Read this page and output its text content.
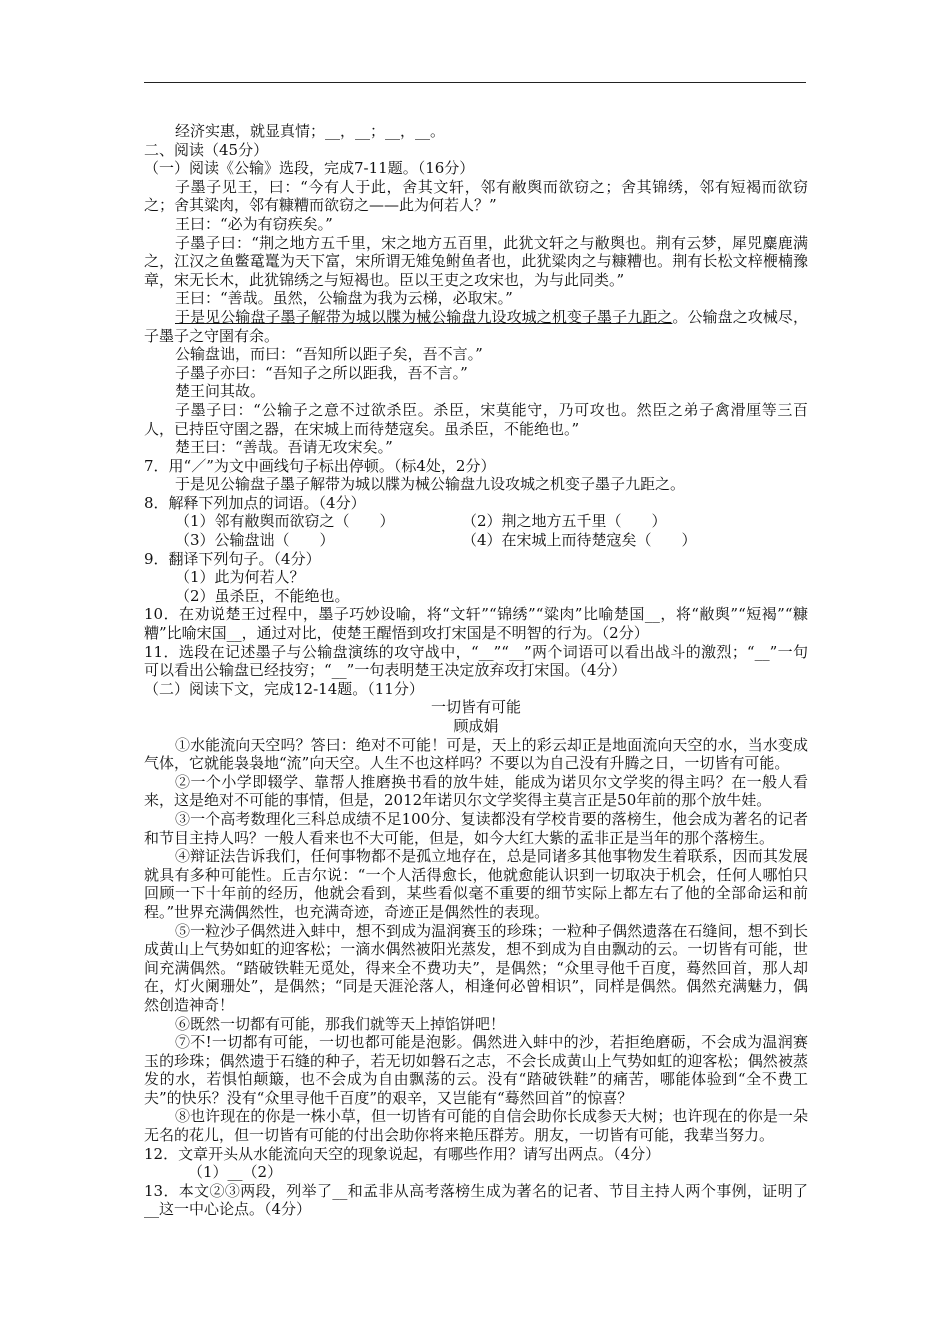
经济实惠，就显真情；__，__；__，__。

二、阅读（45分）

（一）阅读《公输》选段，完成7-11题。（16分）

子墨子见王，曰：“今有人于此，舍其文轩，邻有敝舆而欲窃之；舍其锦绣，邻有短褐而欲窃之；舍其粱肉，邻有糠糟而欲窃之——此为何若人？”

王曰：“必为有窃疾矣。”

子墨子曰：“荆之地方五千里，宋之地方五百里，此犹文轩之与敝舆也。荆有云梦，犀兕麋鹿满之，江汉之鱼鳖鼋鼍为天下富，宋所谓无雉兔鲋鱼者也，此犹粱肉之与糠糟也。荆有长松文梓楩楠豫章，宋无长木，此犹锦绣之与短褐也。臣以王吏之攻宋也，为与此同类。”

王曰：“善哉。虽然，公输盘为我为云梯，必取宋。”

于是见公输盘子墨子解带为城以牒为械公输盘九设攻城之机变子墨子九距之。公输盘之攻械尽，子墨子之守圉有余。

公输盘诎，而曰：“吾知所以距子矣，吾不言。”

子墨子亦曰：“吾知子之所以距我，吾不言。”

楚王问其故。

子墨子曰：“公输子之意不过欲杀臣。杀臣，宋莫能守，乃可攻也。然臣之弟子禽滑厘等三百人，已持臣守圉之器，在宋城上而待楚寇矣。虽杀臣，不能绝也。”

楚王曰：“善哉。吾请无攻宋矣。”

7．用“／”为文中画线句子标出停顿。（标4处，2分）

于是见公输盘子墨子解带为城以牒为械公输盘九设攻城之机变子墨子九距之。

8．解释下列加点的词语。（4分）

（1）邻有敝舆而欲窃之（　　）	（2）荆之地方五千里（　　）
（3）公输盘诎（　　）	（4）在宋城上而待楚寇矣（　　）

9．翻译下列句子。（4分）

（1）此为何若人？

（2）虽杀臣，不能绝也。

10．在劝说楚王过程中，墨子巧妙设喻，将“文轩”“锦绣”“粱肉”比喻楚国__，将“敝舆”“短褐”“糠糟”比喻宋国__，通过对比，使楚王醒悟到攻打宋国是不明智的行为。（2分）

11．选段在记述墨子与公输盘演练的攻守战中，“__”“__”两个词语可以看出战斗的激烈；“__”一句可以看出公输盘已经技穷；“__”一句表明楚王决定放弃攻打宋国。（4分）

（二）阅读下文，完成12-14题。（11分）

一切皆有可能

顾成娟

①水能流向天空吗？答曰：绝对不可能！可是，天上的彩云却正是地面流向天空的水，当水变成气体，它就能袅袅地“流”向天空。人生不也这样吗？不要以为自己没有升腾之日，一切皆有可能。

②一个小学即辍学、靠帮人推磨换书看的放牛娃，能成为诺贝尔文学奖的得主吗？在一般人看来，这是绝对不可能的事情，但是，2012年诺贝尔文学奖得主莫言正是50年前的那个放牛娃。

③一个高考数理化三科总成绩不足100分、复读都没有学校肯要的落榜生，他会成为著名的记者和节目主持人吗？一般人看来也不大可能，但是，如今大红大紫的孟非正是当年的那个落榜生。

④辩证法告诉我们，任何事物都不是孤立地存在，总是同诸多其他事物发生着联系，因而其发展就具有多种可能性。丘吉尔说：“一个人活得愈长，他就愈能认识到一切取决于机会，任何人哪怕只回顾一下十年前的经历，他就会看到，某些看似毫不重要的细节实际上都左右了他的全部命运和前程。”世界充满偶然性，也充满奇迹，奇迹正是偶然性的表现。

⑤一粒沙子偶然进入蚌中，想不到成为温润赛玉的珍珠；一粒种子偶然遗落在石缝间，想不到长成黄山上气势如虹的迎客松；一滴水偶然被阳光蒸发，想不到成为自由飘动的云。一切皆有可能，世间充满偶然。“踏破铁鞋无觅处，得来全不费功夫”，是偶然；“众里寻他千百度，蓦然回首，那人却在，灯火阑珊处”，是偶然；“同是天涯沦落人，相逢何必曾相识”，同样是偶然。偶然充满魅力，偶然创造神奇！

⑥既然一切都有可能，那我们就等天上掉馅饼吧！

⑦不!一切都有可能，一切也都可能是泡影。偶然进入蚌中的沙，若拒绝磨砺，不会成为温润赛玉的珍珠；偶然遗于石缝的种子，若无切如磐石之志，不会长成黄山上气势如虹的迎客松；偶然被蒸发的水，若惧怕颠簸，也不会成为自由飘荡的云。没有“踏破铁鞋”的痛苦，哪能体验到“全不费工夫”的快乐？没有“众里寻他千百度”的艰辛，又岂能有“蓦然回首”的惊喜？

⑧也许现在的你是一株小草，但一切皆有可能的自信会助你长成参天大树；也许现在的你是一朵无名的花儿，但一切皆有可能的付出会助你将来艳压群芳。朋友，一切皆有可能，我辈当努力。

12．文章开头从水能流向天空的现象说起，有哪些作用？请写出两点。（4分）

（1）__（2）

13．本文②③两段，列举了__和孟非从高考落榜生成为著名的记者、节目主持人两个事例，证明了__这一中心论点。（4分）
